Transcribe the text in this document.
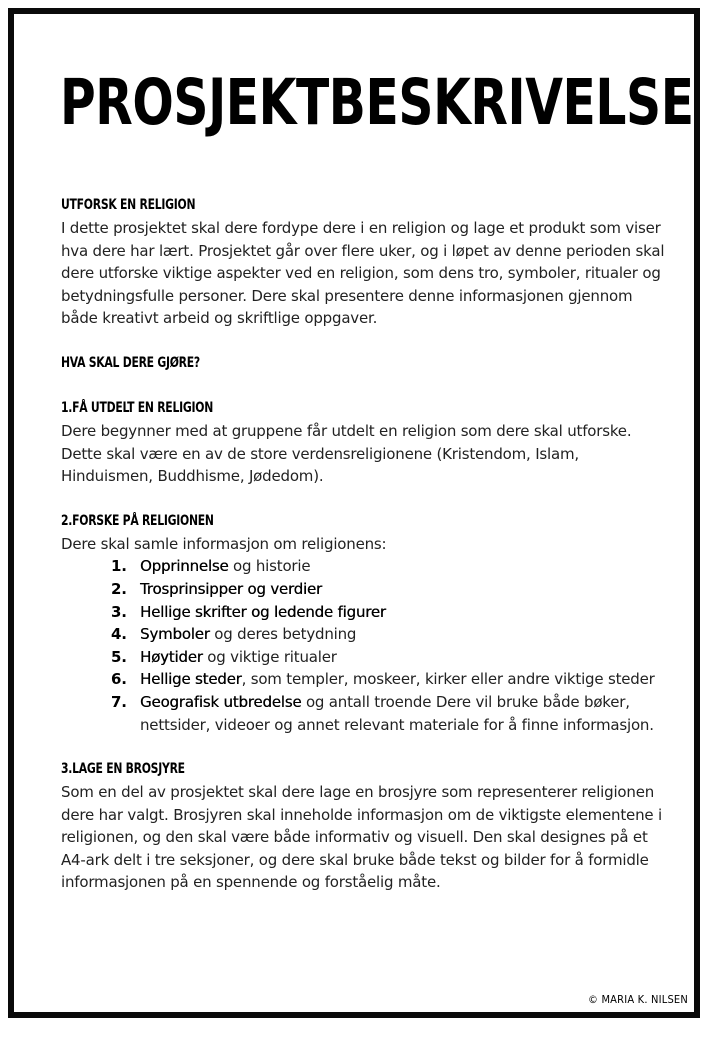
PROSJEKTBESKRIVELSE
UTFORSK EN RELIGION

I dette prosjektet skal dere fordype dere i en religion og lage et produkt som viser hva dere har lært. Prosjektet går over flere uker, og i løpet av denne perioden skal dere utforske viktige aspekter ved en religion, som dens tro, symboler, ritualer og betydningsfulle personer. Dere skal presentere denne informasjonen gjennom både kreativt arbeid og skriftlige oppgaver.

HVA SKAL DERE GJØRE?
1.FÅ UTDELT EN RELIGION

Dere begynner med at gruppene får utdelt en religion som dere skal utforske. Dette skal være en av de store verdensreligionene (Kristendom, Islam, Hinduismen, Buddhisme, Jødedom).

2.FORSKE PÅ RELIGIONEN

Dere skal samle informasjon om religionens:

1. Opprinnelse og historie
2. Trosprinsipper og verdier
3. Hellige skrifter og ledende figurer
4. Symboler og deres betydning
5. Høytider og viktige ritualer
6. Hellige steder, som templer, moskeer, kirker eller andre viktige steder
7. Geografisk utbredelse og antall troende Dere vil bruke både bøker, nettsider, videoer og annet relevant materiale for å finne informasjon.
3.LAGE EN BROSJYRE

Som en del av prosjektet skal dere lage en brosjyre som representerer religionen dere har valgt. Brosjyren skal inneholde informasjon om de viktigste elementene i religionen, og den skal være både informativ og visuell. Den skal designes på et A4-ark delt i tre seksjoner, og dere skal bruke både tekst og bilder for å formidle informasjonen på en spennende og forståelig måte.

© MARIA K. NILSEN
